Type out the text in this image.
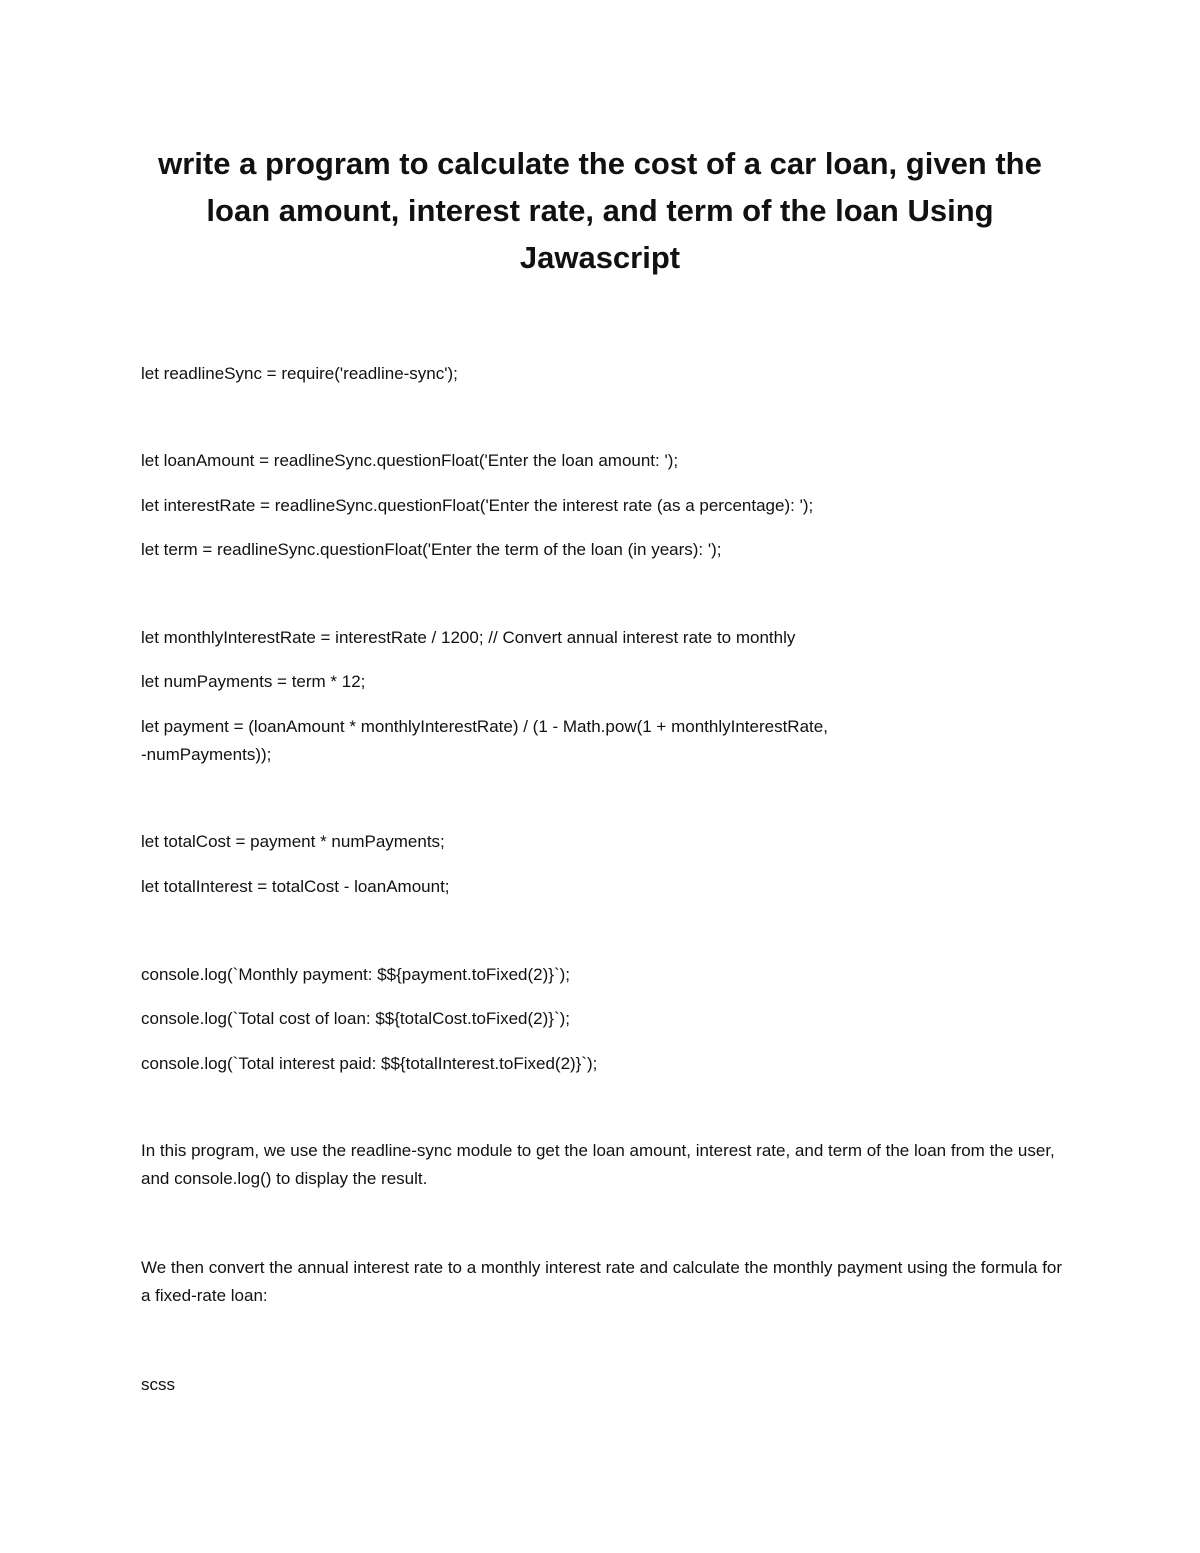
write a program to calculate the cost of a car loan, given the loan amount, interest rate, and term of the loan Using Jawascript
let readlineSync = require('readline-sync');
let loanAmount = readlineSync.questionFloat('Enter the loan amount: ');
let interestRate = readlineSync.questionFloat('Enter the interest rate (as a percentage): ');
let term = readlineSync.questionFloat('Enter the term of the loan (in years): ');
let monthlyInterestRate = interestRate / 1200; // Convert annual interest rate to monthly
let numPayments = term * 12;
let payment = (loanAmount * monthlyInterestRate) / (1 - Math.pow(1 + monthlyInterestRate,
-numPayments));
let totalCost = payment * numPayments;
let totalInterest = totalCost - loanAmount;
console.log(`Monthly payment: $${payment.toFixed(2)}`);
console.log(`Total cost of loan: $${totalCost.toFixed(2)}`);
console.log(`Total interest paid: $${totalInterest.toFixed(2)}`);
In this program, we use the readline-sync module to get the loan amount, interest rate, and term of the loan from the user, and console.log() to display the result.
We then convert the annual interest rate to a monthly interest rate and calculate the monthly payment using the formula for a fixed-rate loan:
scss
